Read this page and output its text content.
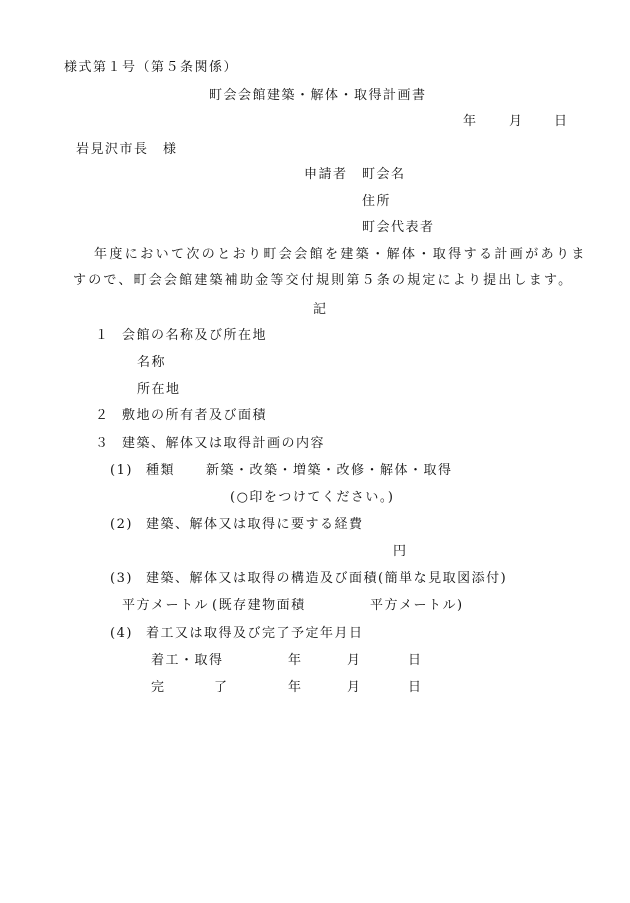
様式第１号（第５条関係）
町会会館建築・解体・取得計画書
年 月 日
岩見沢市長　様
申請者 町会名
住所
町会代表者
年度において次のとおり町会会館を建築・解体・取得する計画がありま
すので、町会会館建築補助金等交付規則第５条の規定により提出します。
記
１ 会館の名称及び所在地
名称
所在地
２ 敷地の所有者及び面積
３ 建築、解体又は取得計画の内容
(1) 種類 新築・改築・増築・改修・解体・取得
(○印をつけてください。)
(2) 建築、解体又は取得に要する経費
円
(3) 建築、解体又は取得の構造及び面積(簡単な見取図添付)
平方メートル (既存建物面積	平方メートル)
(4) 着工又は取得及び完了予定年月日
着工・取得	年	月	日
完	了	年	月	日
